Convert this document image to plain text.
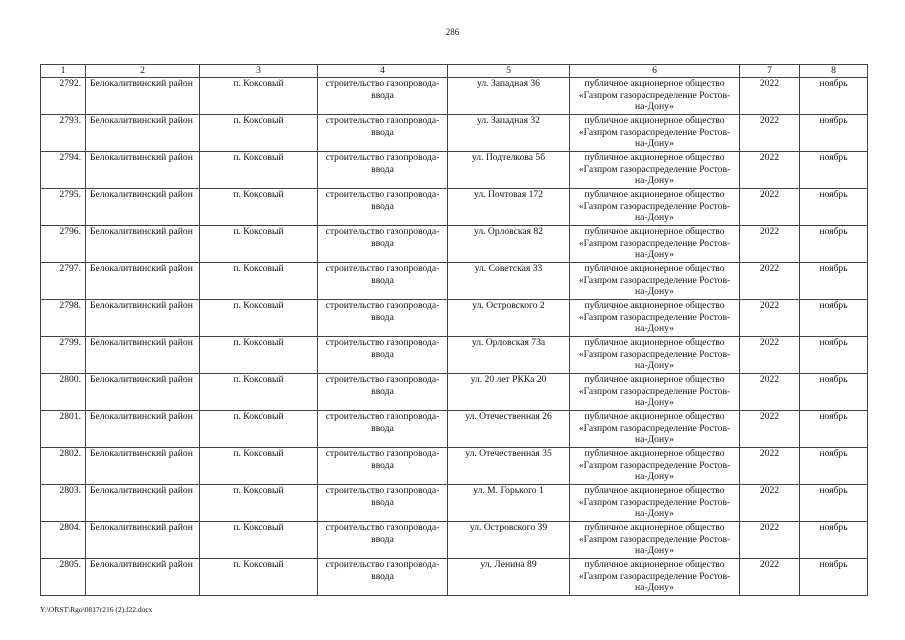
286
1	2	3	4	5	6	7	8
2792.	Белокалитвинский район	п. Коксовый	строительство газопровода-ввода	ул. Западная 36	публичное акционерное общество «Газпром газораспределение Ростов-на-Дону»	2022	ноябрь
2793.	Белокалитвинский район	п. Коксовый	строительство газопровода-ввода	ул. Западная 32	публичное акционерное общество «Газпром газораспределение Ростов-на-Дону»	2022	ноябрь
2794.	Белокалитвинский район	п. Коксовый	строительство газопровода-ввода	ул. Подтелкова 5б	публичное акционерное общество «Газпром газораспределение Ростов-на-Дону»	2022	ноябрь
2795.	Белокалитвинский район	п. Коксовый	строительство газопровода-ввода	ул. Почтовая 172	публичное акционерное общество «Газпром газораспределение Ростов-на-Дону»	2022	ноябрь
2796.	Белокалитвинский район	п. Коксовый	строительство газопровода-ввода	ул. Орловская 82	публичное акционерное общество «Газпром газораспределение Ростов-на-Дону»	2022	ноябрь
2797.	Белокалитвинский район	п. Коксовый	строительство газопровода-ввода	ул. Советская 33	публичное акционерное общество «Газпром газораспределение Ростов-на-Дону»	2022	ноябрь
2798.	Белокалитвинский район	п. Коксовый	строительство газопровода-ввода	ул. Островского 2	публичное акционерное общество «Газпром газораспределение Ростов-на-Дону»	2022	ноябрь
2799.	Белокалитвинский район	п. Коксовый	строительство газопровода-ввода	ул. Орловская 73а	публичное акционерное общество «Газпром газораспределение Ростов-на-Дону»	2022	ноябрь
2800.	Белокалитвинский район	п. Коксовый	строительство газопровода-ввода	ул. 20 лет РККа 20	публичное акционерное общество «Газпром газораспределение Ростов-на-Дону»	2022	ноябрь
2801.	Белокалитвинский район	п. Коксовый	строительство газопровода-ввода	ул. Отечественная 26	публичное акционерное общество «Газпром газораспределение Ростов-на-Дону»	2022	ноябрь
2802.	Белокалитвинский район	п. Коксовый	строительство газопровода-ввода	ул. Отечественная 35	публичное акционерное общество «Газпром газораспределение Ростов-на-Дону»	2022	ноябрь
2803.	Белокалитвинский район	п. Коксовый	строительство газопровода-ввода	ул. М. Горького 1	публичное акционерное общество «Газпром газораспределение Ростов-на-Дону»	2022	ноябрь
2804.	Белокалитвинский район	п. Коксовый	строительство газопровода-ввода	ул. Островского 39	публичное акционерное общество «Газпром газораспределение Ростов-на-Дону»	2022	ноябрь
2805.	Белокалитвинский район	п. Коксовый	строительство газопровода-ввода	ул. Ленина 89	публичное акционерное общество «Газпром газораспределение Ростов-на-Дону»	2022	ноябрь
Y:\ORST\Rgo\0817r216 (2).f22.docx
